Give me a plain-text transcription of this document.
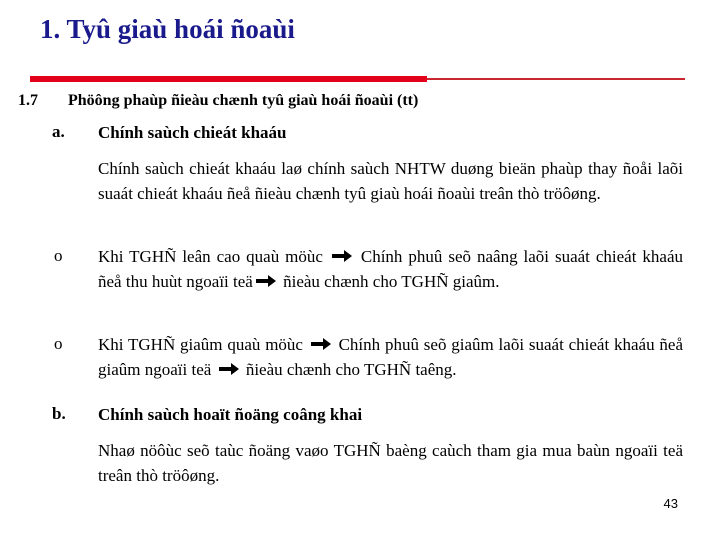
1. Tyû giaù hoái ñoaùi
1.7 Phöông phaùp ñieàu chænh tyû giaù hoái ñoaùi (tt)
a.	Chính saùch chieát khaáu
Chính saùch chieát khaáu laø chính saùch NHTW duøng bieän phaùp thay ñoåi laõi suaát chieát khaáu ñeå ñieàu chænh tyû giaù hoái ñoaùi treân thò tröôøng.
o	Khi TGHÑ leân cao quaù möùc Chính phuû seõ naâng laõi suaát chieát khaáu ñeå thu huùt ngoaïi teä ñieàu chænh cho TGHÑ giaûm.
o	Khi TGHÑ giaûm quaù möùc Chính phuû seõ giaûm laõi suaát chieát khaáu ñeå giaûm ngoaïi teä ñieàu chænh cho TGHÑ taêng.
b.	Chính saùch hoaït ñoäng coâng khai
Nhaø nöôùc seõ taùc ñoäng vaøo TGHÑ baèng caùch tham gia mua baùn ngoaïi teä treân thò tröôøng.
43
